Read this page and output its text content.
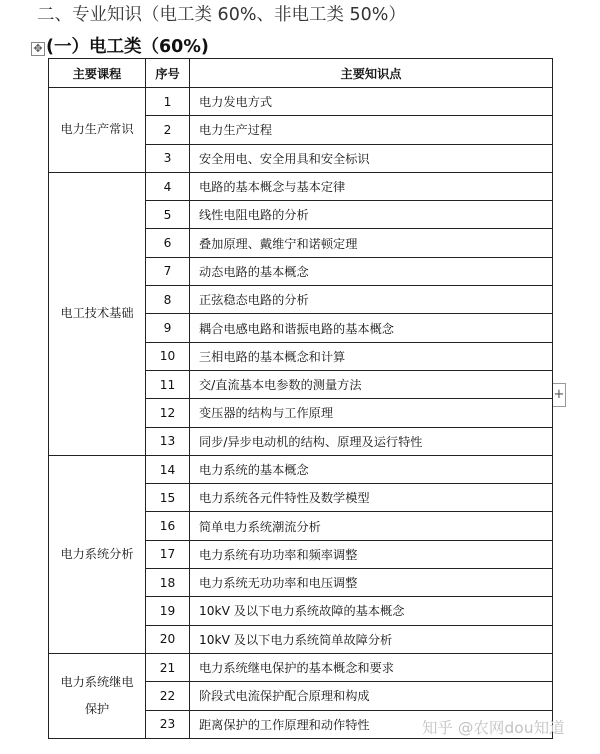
二、专业知识（电工类 60%、非电工类 50%）
✥ (一）电工类（60%)
+
主要课程	序号	主要知识点
电力生产常识	1	电力发电方式
	2	电力生产过程
	3	安全用电、安全用具和安全标识
电工技术基础	4	电路的基本概念与基本定律
	5	线性电阻电路的分析
	6	叠加原理、戴维宁和诺顿定理
	7	动态电路的基本概念
	8	正弦稳态电路的分析
	9	耦合电感电路和谐振电路的基本概念
	10	三相电路的基本概念和计算
	11	交/直流基本电参数的测量方法
	12	变压器的结构与工作原理
	13	同步/异步电动机的结构、原理及运行特性
电力系统分析	14	电力系统的基本概念
	15	电力系统各元件特性及数学模型
	16	简单电力系统潮流分析
	17	电力系统有功功率和频率调整
	18	电力系统无功功率和电压调整
	19	10kV 及以下电力系统故障的基本概念
	20	10kV 及以下电力系统简单故障分析
电力系统继电保护	21	电力系统继电保护的基本概念和要求
	22	阶段式电流保护配合原理和构成
	23	距离保护的工作原理和动作特性	知乎 @农网dou知道
